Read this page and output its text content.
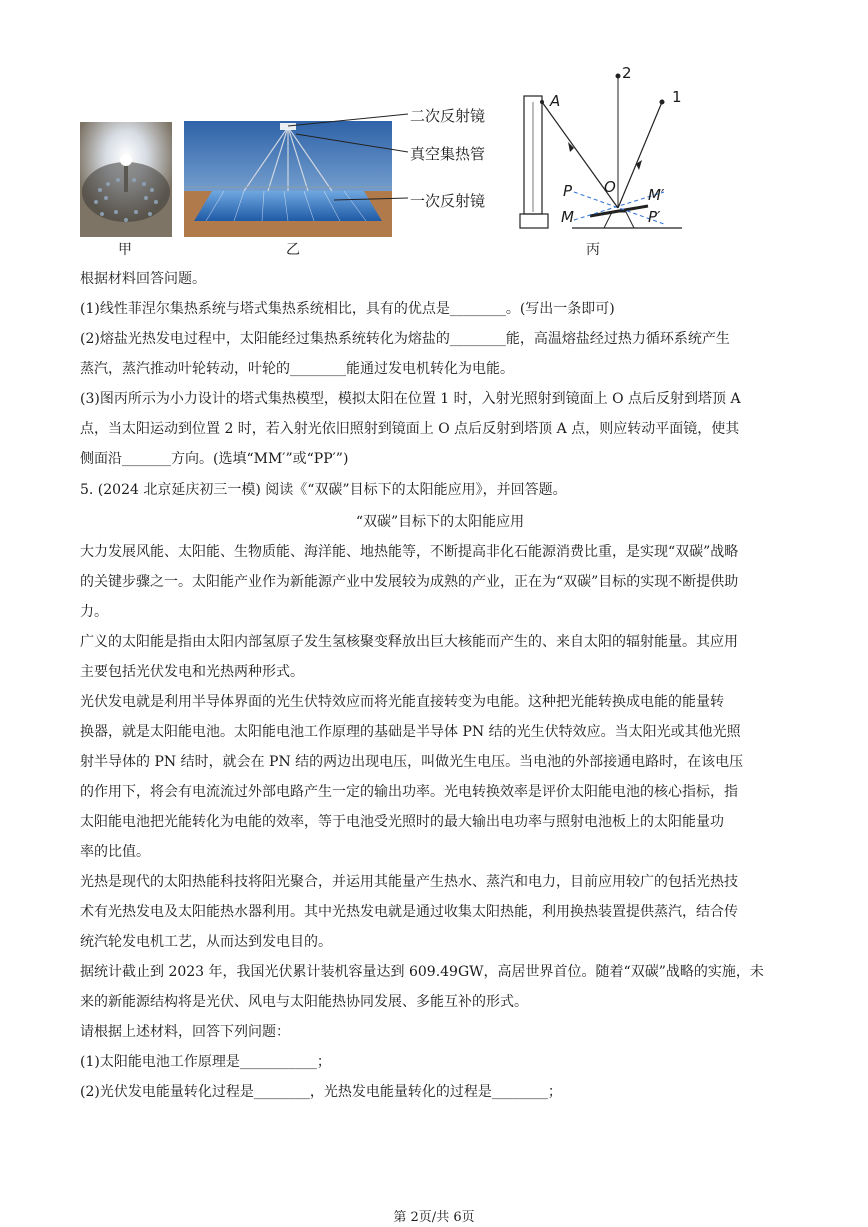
甲	乙
二次反射镜
真空集热管
一次反射镜
A
O
P
M
M′
P′
1
2
丙
根据材料回答问题。
(1)线性菲涅尔集热系统与塔式集热系统相比，具有的优点是________。(写出一条即可)
(2)熔盐光热发电过程中，太阳能经过集热系统转化为熔盐的________能，高温熔盐经过热力循环系统产生
蒸汽，蒸汽推动叶轮转动，叶轮的________能通过发电机转化为电能。
(3)图丙所示为小力设计的塔式集热模型，模拟太阳在位置 1 时，入射光照射到镜面上 O 点后反射到塔顶 A
点，当太阳运动到位置 2 时，若入射光依旧照射到镜面上 O 点后反射到塔顶 A 点，则应转动平面镜，使其
侧面沿_______方向。(选填“MM′”或“PP′”)
5. (2024 北京延庆初三一模) 阅读《“双碳”目标下的太阳能应用》，并回答题。
“双碳”目标下的太阳能应用
大力发展风能、太阳能、生物质能、海洋能、地热能等，不断提高非化石能源消费比重，是实现“双碳”战略
的关键步骤之一。太阳能产业作为新能源产业中发展较为成熟的产业，正在为“双碳”目标的实现不断提供助
力。
广义的太阳能是指由太阳内部氢原子发生氢核聚变释放出巨大核能而产生的、来自太阳的辐射能量。其应用
主要包括光伏发电和光热两种形式。
光伏发电就是利用半导体界面的光生伏特效应而将光能直接转变为电能。这种把光能转换成电能的能量转
换器，就是太阳能电池。太阳能电池工作原理的基础是半导体 PN 结的光生伏特效应。当太阳光或其他光照
射半导体的 PN 结时，就会在 PN 结的两边出现电压，叫做光生电压。当电池的外部接通电路时，在该电压
的作用下，将会有电流流过外部电路产生一定的输出功率。光电转换效率是评价太阳能电池的核心指标，指
太阳能电池把光能转化为电能的效率，等于电池受光照时的最大输出电功率与照射电池板上的太阳能量功
率的比值。
光热是现代的太阳热能科技将阳光聚合，并运用其能量产生热水、蒸汽和电力，目前应用较广的包括光热技
术有光热发电及太阳能热水器利用。其中光热发电就是通过收集太阳热能，利用换热装置提供蒸汽，结合传
统汽轮发电机工艺，从而达到发电目的。
据统计截止到 2023 年，我国光伏累计装机容量达到 609.49GW，高居世界首位。随着“双碳”战略的实施，未
来的新能源结构将是光伏、风电与太阳能热协同发展、多能互补的形式。
请根据上述材料，回答下列问题：
(1)太阳能电池工作原理是___________；
(2)光伏发电能量转化过程是________，光热发电能量转化的过程是________；
第 2页/共 6页
